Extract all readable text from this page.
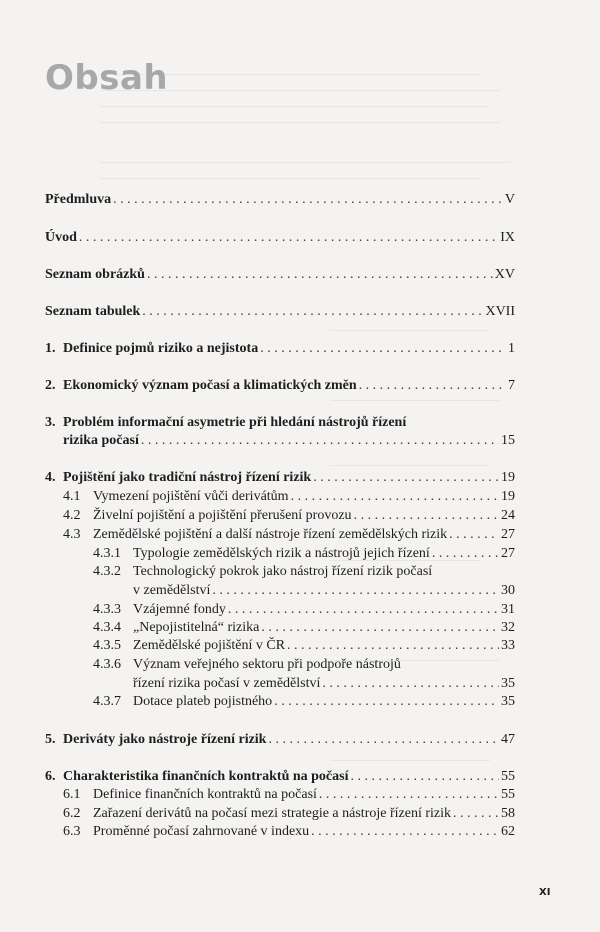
Obsah
Předmluva . . .	V
Úvod . . .	IX
Seznam obrázků . . .	XV
Seznam tabulek . . .	XVII
1. Definice pojmů riziko a nejistota . . .	1
2. Ekonomický význam počasí a klimatických změn . . .	7
3. Problém informační asymetrie při hledání nástrojů řízení
rizika počasí . . .	15
4. Pojištění jako tradiční nástroj řízení rizik . . .	19
4.1 Vymezení pojištění vůči derivátům . . .	19
4.2 Živelní pojištění a pojištění přerušení provozu . . .	24
4.3 Zemědělské pojištění a další nástroje řízení zemědělských rizik . . .	27
4.3.1 Typologie zemědělských rizik a nástrojů jejich řízení . . .	27
4.3.2 Technologický pokrok jako nástroj řízení rizik počasí
v zemědělství . . .	30
4.3.3 Vzájemné fondy . . .	31
4.3.4 „Nepojistitelná“ rizika . . .	32
4.3.5 Zemědělské pojištění v ČR . . .	33
4.3.6 Význam veřejného sektoru při podpoře nástrojů
řízení rizika počasí v zemědělství . . .	35
4.3.7 Dotace plateb pojistného . . .	35
5. Deriváty jako nástroje řízení rizik . . .	47
6. Charakteristika finančních kontraktů na počasí . . .	55
6.1 Definice finančních kontraktů na počasí . . .	55
6.2 Zařazení derivátů na počasí mezi strategie a nástroje řízení rizik . . .	58
6.3 Proměnné počasí zahrnované v indexu . . .	62
XI
